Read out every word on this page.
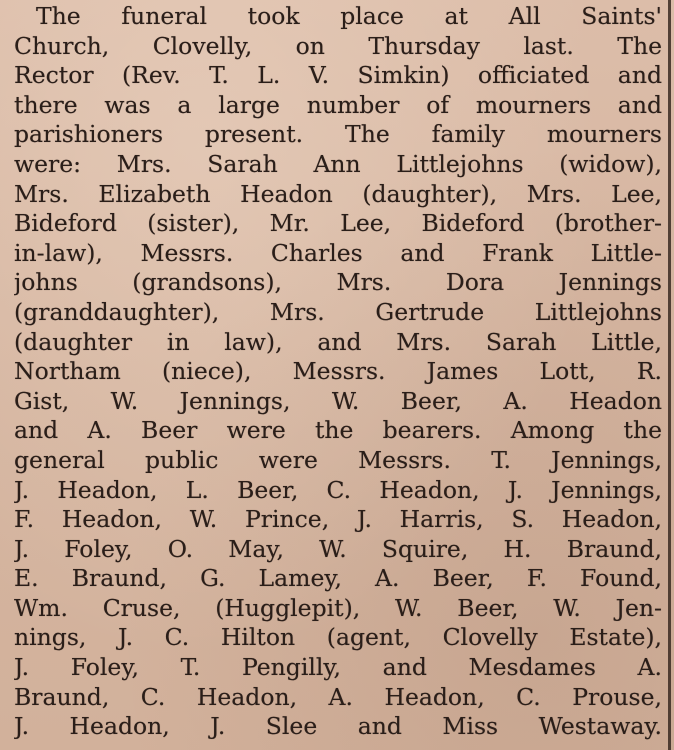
The funeral took place at All Saints'
Church, Clovelly, on Thursday last. The
Rector (Rev. T. L. V. Simkin) officiated and
there was a large number of mourners and
parishioners present. The family mourners
were: Mrs. Sarah Ann Littlejohns (widow),
Mrs. Elizabeth Headon (daughter), Mrs. Lee,
Bideford (sister), Mr. Lee, Bideford (brother-
in-law), Messrs. Charles and Frank Little-
johns (grandsons), Mrs. Dora Jennings
(granddaughter), Mrs. Gertrude Littlejohns
(daughter in law), and Mrs. Sarah Little,
Northam (niece), Messrs. James Lott, R.
Gist, W. Jennings, W. Beer, A. Headon
and A. Beer were the bearers. Among the
general public were Messrs. T. Jennings,
J. Headon, L. Beer, C. Headon, J. Jennings,
F. Headon, W. Prince, J. Harris, S. Headon,
J. Foley, O. May, W. Squire, H. Braund,
E. Braund, G. Lamey, A. Beer, F. Found,
Wm. Cruse, (Hugglepit), W. Beer, W. Jen-
nings, J. C. Hilton (agent, Clovelly Estate),
J. Foley, T. Pengilly, and Mesdames A.
Braund, C. Headon, A. Headon, C. Prouse,
J. Headon, J. Slee and Miss Westaway.
